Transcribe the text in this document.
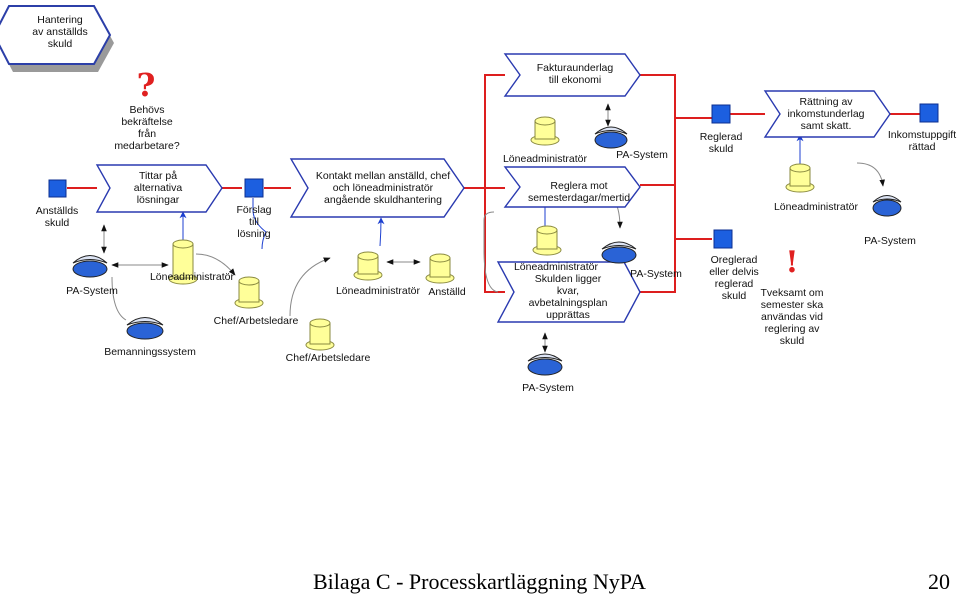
?
!
Hantering
av anställds
skuld
Anställds
skuld
Förslag
till
lösning
Reglerad
skuld
Oreglerad
eller delvis
reglerad
skuld
Inkomstuppgift
rättad
Tittar på
alternativa
lösningar
Kontakt mellan anställd, chef
och löneadministratör
angående skuldhantering
Fakturaunderlag
till ekonomi
Reglera mot
semesterdagar/mertid
Skulden ligger
kvar,
avbetalningsplan
upprättas
Rättning av
inkomstunderlag
samt skatt.
Behövs
bekräftelse
från
medarbetare?
Tveksamt om
semester ska
användas vid
reglering av
skuld
Löneadministratör
Chef/Arbetsledare
Chef/Arbetsledare
Löneadministratör Anställd
Löneadministratör
Löneadministratör
Löneadministratör
PA-System
Bemanningssystem
PA-System
PA-System
PA-System
PA-System
Bilaga C - Processkartläggning NyPA	20
